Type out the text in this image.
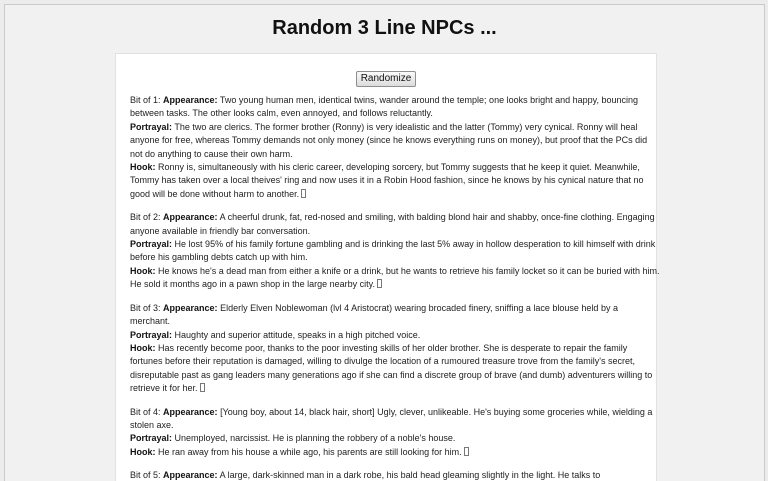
Random 3 Line NPCs ...
Randomize
Bit of 1: Appearance: Two young human men, identical twins, wander around the temple; one looks bright and happy, bouncing between tasks. The other looks calm, even annoyed, and follows reluctantly.
Portrayal: The two are clerics. The former brother (Ronny) is very idealistic and the latter (Tommy) very cynical. Ronny will heal anyone for free, whereas Tommy demands not only money (since he knows everything runs on money), but proof that the PCs did not do anything to cause their own harm.
Hook: Ronny is, simultaneously with his cleric career, developing sorcery, but Tommy suggests that he keep it quiet. Meanwhile, Tommy has taken over a local theives' ring and now uses it in a Robin Hood fashion, since he knows by his cynical nature that no good will be done without harm to another.
Bit of 2: Appearance: A cheerful drunk, fat, red-nosed and smiling, with balding blond hair and shabby, once-fine clothing. Engaging anyone available in friendly bar conversation.
Portrayal: He lost 95% of his family fortune gambling and is drinking the last 5% away in hollow desperation to kill himself with drink before his gambling debts catch up with him.
Hook: He knows he's a dead man from either a knife or a drink, but he wants to retrieve his family locket so it can be buried with him. He sold it months ago in a pawn shop in the large nearby city.
Bit of 3: Appearance: Elderly Elven Noblewoman (lvl 4 Aristocrat) wearing brocaded finery, sniffing a lace blouse held by a merchant.
Portrayal: Haughty and superior attitude, speaks in a high pitched voice.
Hook: Has recently become poor, thanks to the poor investing skills of her older brother. She is desperate to repair the family fortunes before their reputation is damaged, willing to divulge the location of a rumoured treasure trove from the family's secret, disreputable past as gang leaders many generations ago if she can find a discrete group of brave (and dumb) adventurers willing to retrieve it for her.
Bit of 4: Appearance: [Young boy, about 14, black hair, short] Ugly, clever, unlikeable. He's buying some groceries while, wielding a stolen axe.
Portrayal: Unemployed, narcissist. He is planning the robbery of a noble's house.
Hook: He ran away from his house a while ago, his parents are still looking for him.
Bit of 5: Appearance: A large, dark-skinned man in a dark robe, his bald head gleaming slightly in the light. He talks to
